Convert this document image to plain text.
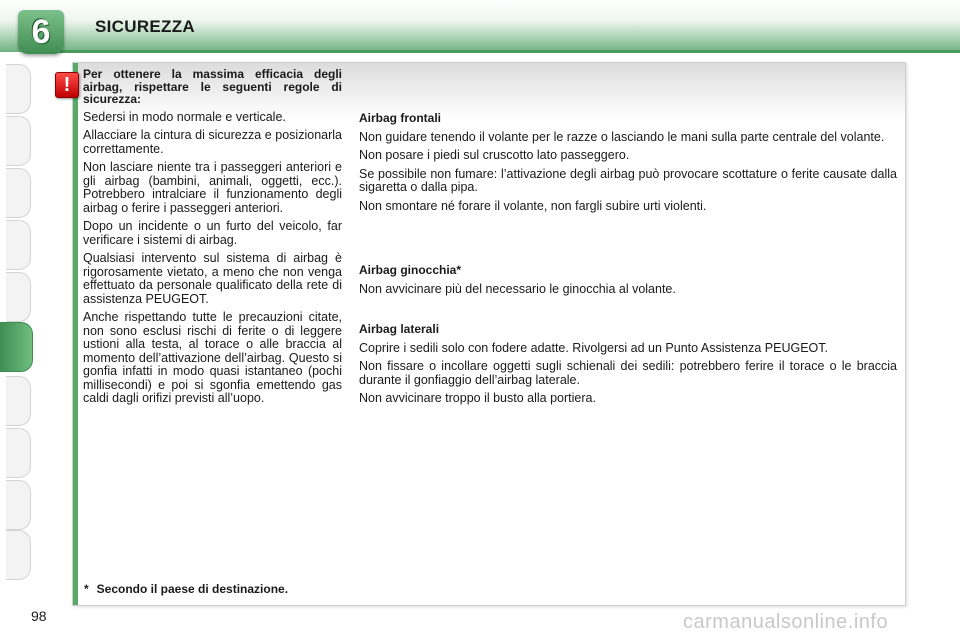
6	SICUREZZA
!	Per ottenere la massima efficacia degli airbag, rispettare le seguenti regole di sicurezza:

Sedersi in modo normale e verticale.

Allacciare la cintura di sicurezza e posizionarla correttamente.

Non lasciare niente tra i passeggeri anteriori e gli airbag (bambini, animali, oggetti, ecc.). Potrebbero intralciare il funzionamento degli airbag o ferire i passeggeri anteriori.

Dopo un incidente o un furto del veicolo, far verificare i sistemi di airbag.

Qualsiasi intervento sul sistema di airbag è rigorosamente vietato, a meno che non venga effettuato da personale qualificato della rete di assistenza PEUGEOT.

Anche rispettando tutte le precauzioni citate, non sono esclusi rischi di ferite o di leggere ustioni alla testa, al torace o alle braccia al momento dell’attivazione dell’airbag. Questo si gonfia infatti in modo quasi istantaneo (pochi millisecondi) e poi si sgonfia emettendo gas caldi dagli orifizi previsti all’uopo.

Airbag frontali

Non guidare tenendo il volante per le razze o lasciando le mani sulla parte centrale del volante.

Non posare i piedi sul cruscotto lato passeggero.

Se possibile non fumare: l’attivazione degli airbag può provocare scottature o ferite causate dalla sigaretta o dalla pipa.

Non smontare né forare il volante, non fargli subire urti violenti.

Airbag ginocchia*

Non avvicinare più del necessario le ginocchia al volante.

Airbag laterali

Coprire i sedili solo con fodere adatte. Rivolgersi ad un Punto Assistenza PEUGEOT.

Non fissare o incollare oggetti sugli schienali dei sedili: potrebbero ferire il torace o le braccia durante il gonfiaggio dell’airbag laterale.

Non avvicinare troppo il busto alla portiera.

* Secondo il paese di destinazione.
98	carmanualsonline.info
